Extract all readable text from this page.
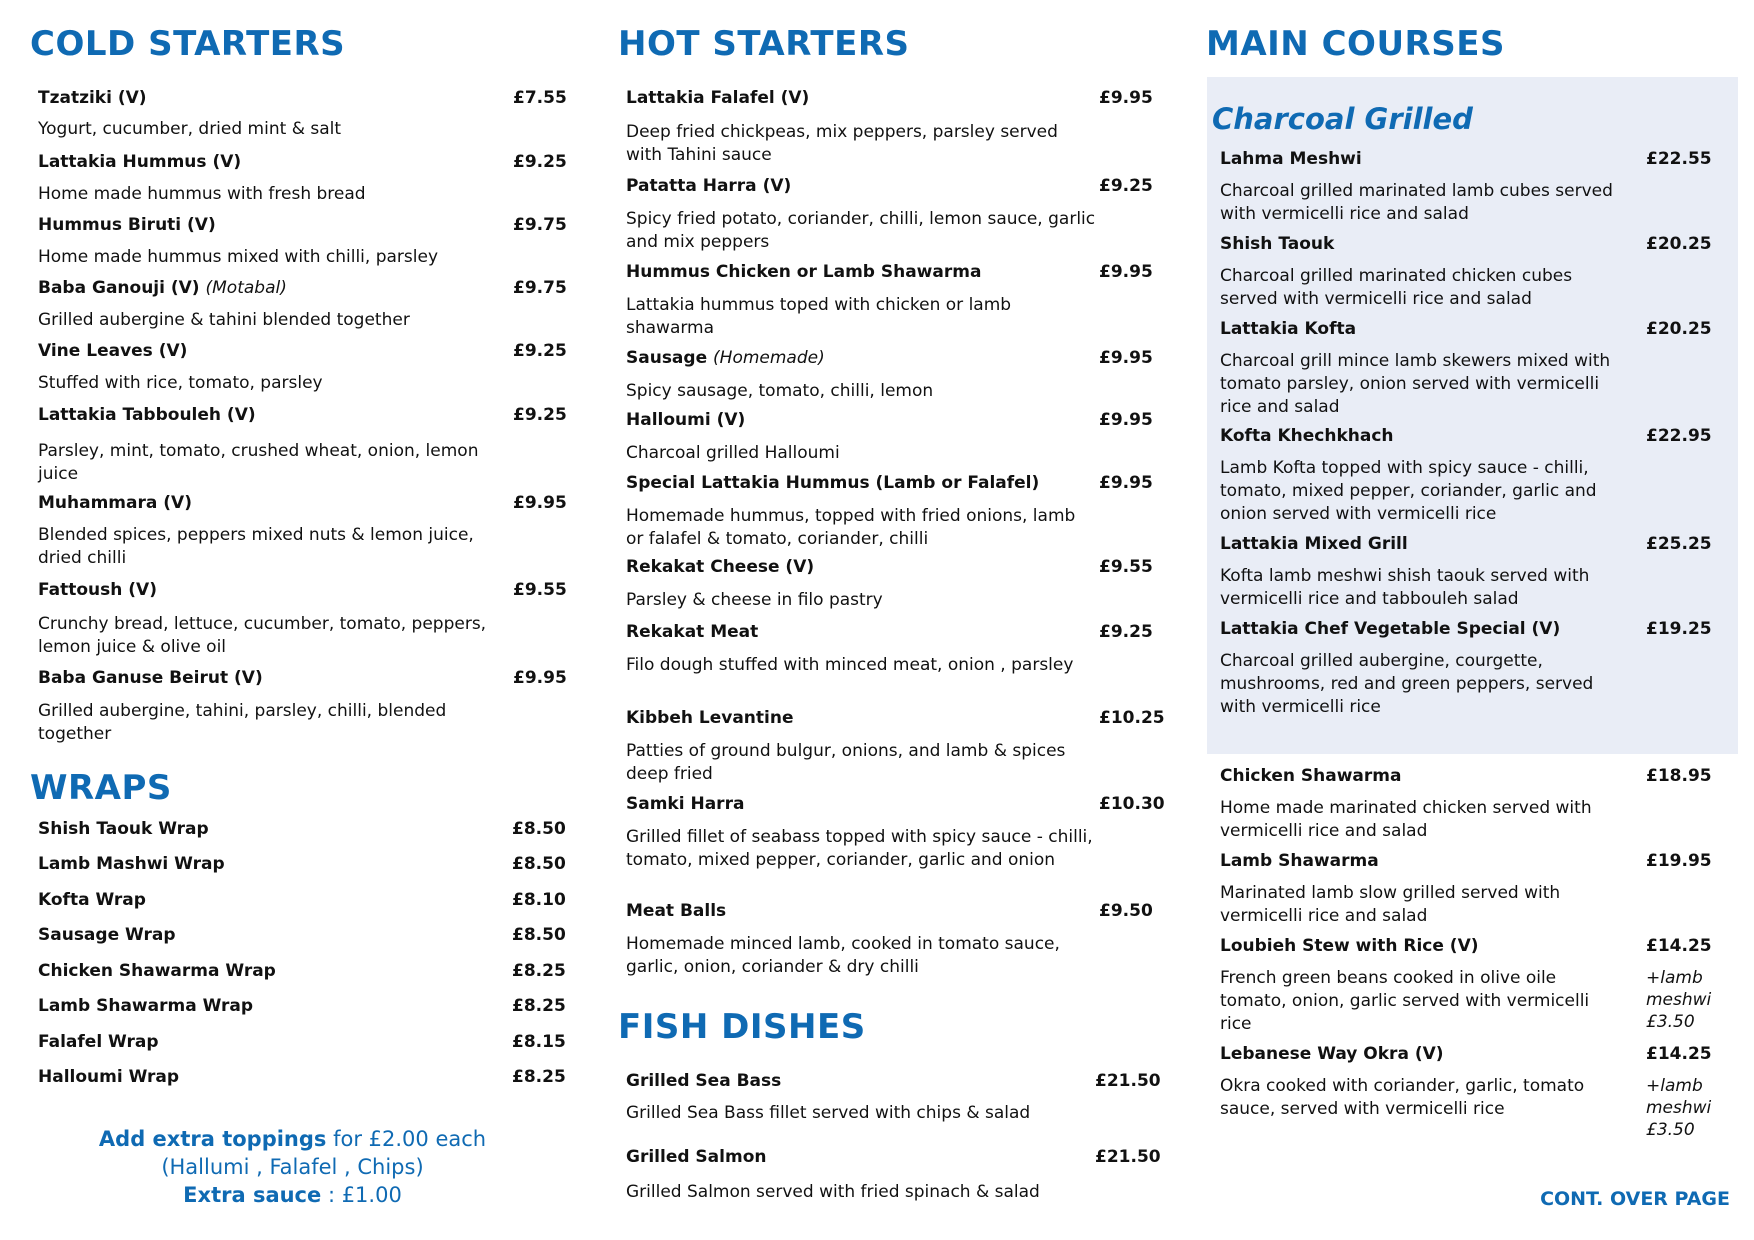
COLD STARTERS
Tzatziki (V)	£7.55
Yogurt, cucumber, dried mint & salt
Lattakia Hummus (V)	£9.25
Home made hummus with fresh bread
Hummus Biruti (V)	£9.75
Home made hummus mixed with chilli, parsley
Baba Ganouji (V) (Motabal)	£9.75
Grilled aubergine & tahini blended together
Vine Leaves (V)	£9.25
Stuffed with rice, tomato, parsley
Lattakia Tabbouleh (V)	£9.25
Parsley, mint, tomato, crushed wheat, onion, lemon juice
Muhammara (V)	£9.95
Blended spices, peppers mixed nuts & lemon juice, dried chilli
Fattoush (V)	£9.55
Crunchy bread, lettuce, cucumber, tomato, peppers, lemon juice & olive oil
Baba Ganuse Beirut (V)	£9.95
Grilled aubergine, tahini, parsley, chilli, blended together
WRAPS
Shish Taouk Wrap	£8.50
Lamb Mashwi Wrap	£8.50
Kofta Wrap	£8.10
Sausage Wrap	£8.50
Chicken Shawarma Wrap	£8.25
Lamb Shawarma Wrap	£8.25
Falafel Wrap	£8.15
Halloumi Wrap	£8.25
Add extra toppings for £2.00 each
(Hallumi , Falafel , Chips)
Extra sauce : £1.00
HOT STARTERS
Lattakia Falafel (V)	£9.95
Deep fried chickpeas, mix peppers, parsley served with Tahini sauce
Patatta Harra (V)	£9.25
Spicy fried potato, coriander, chilli, lemon sauce, garlic and mix peppers
Hummus Chicken or Lamb Shawarma	£9.95
Lattakia hummus toped with chicken or lamb shawarma
Sausage (Homemade)	£9.95
Spicy sausage, tomato, chilli, lemon
Halloumi (V)	£9.95
Charcoal grilled Halloumi
Special Lattakia Hummus (Lamb or Falafel)	£9.95
Homemade hummus, topped with fried onions, lamb or falafel & tomato, coriander, chilli
Rekakat Cheese (V)	£9.55
Parsley & cheese in filo pastry
Rekakat Meat	£9.25
Filo dough stuffed with minced meat, onion , parsley
Kibbeh Levantine	£10.25
Patties of ground bulgur, onions, and lamb & spices deep fried
Samki Harra	£10.30
Grilled fillet of seabass topped with spicy sauce - chilli, tomato, mixed pepper, coriander, garlic and onion
Meat Balls	£9.50
Homemade minced lamb, cooked in tomato sauce, garlic, onion, coriander & dry chilli
FISH DISHES
Grilled Sea Bass	£21.50
Grilled Sea Bass fillet served with chips & salad
Grilled Salmon	£21.50
Grilled Salmon served with fried spinach & salad
MAIN COURSES
Charcoal Grilled
Lahma Meshwi	£22.55
Charcoal grilled marinated lamb cubes served with vermicelli rice and salad
Shish Taouk	£20.25
Charcoal grilled marinated chicken cubes served with vermicelli rice and salad
Lattakia Kofta	£20.25
Charcoal grill mince lamb skewers mixed with tomato parsley, onion served with vermicelli rice and salad
Kofta Khechkhach	£22.95
Lamb Kofta topped with spicy sauce - chilli, tomato, mixed pepper, coriander, garlic and onion served with vermicelli rice
Lattakia Mixed Grill	£25.25
Kofta lamb meshwi shish taouk served with vermicelli rice and tabbouleh salad
Lattakia Chef Vegetable Special (V)	£19.25
Charcoal grilled aubergine, courgette, mushrooms, red and green peppers, served with vermicelli rice
Chicken Shawarma	£18.95
Home made marinated chicken served with vermicelli rice and salad
Lamb Shawarma	£19.95
Marinated lamb slow grilled served with vermicelli rice and salad
Loubieh Stew with Rice (V)	£14.25
French green beans cooked in olive oile tomato, onion, garlic served with vermicelli rice
+lamb meshwi £3.50
Lebanese Way Okra (V)	£14.25
Okra cooked with coriander, garlic, tomato sauce, served with vermicelli rice
+lamb meshwi £3.50
CONT. OVER PAGE
